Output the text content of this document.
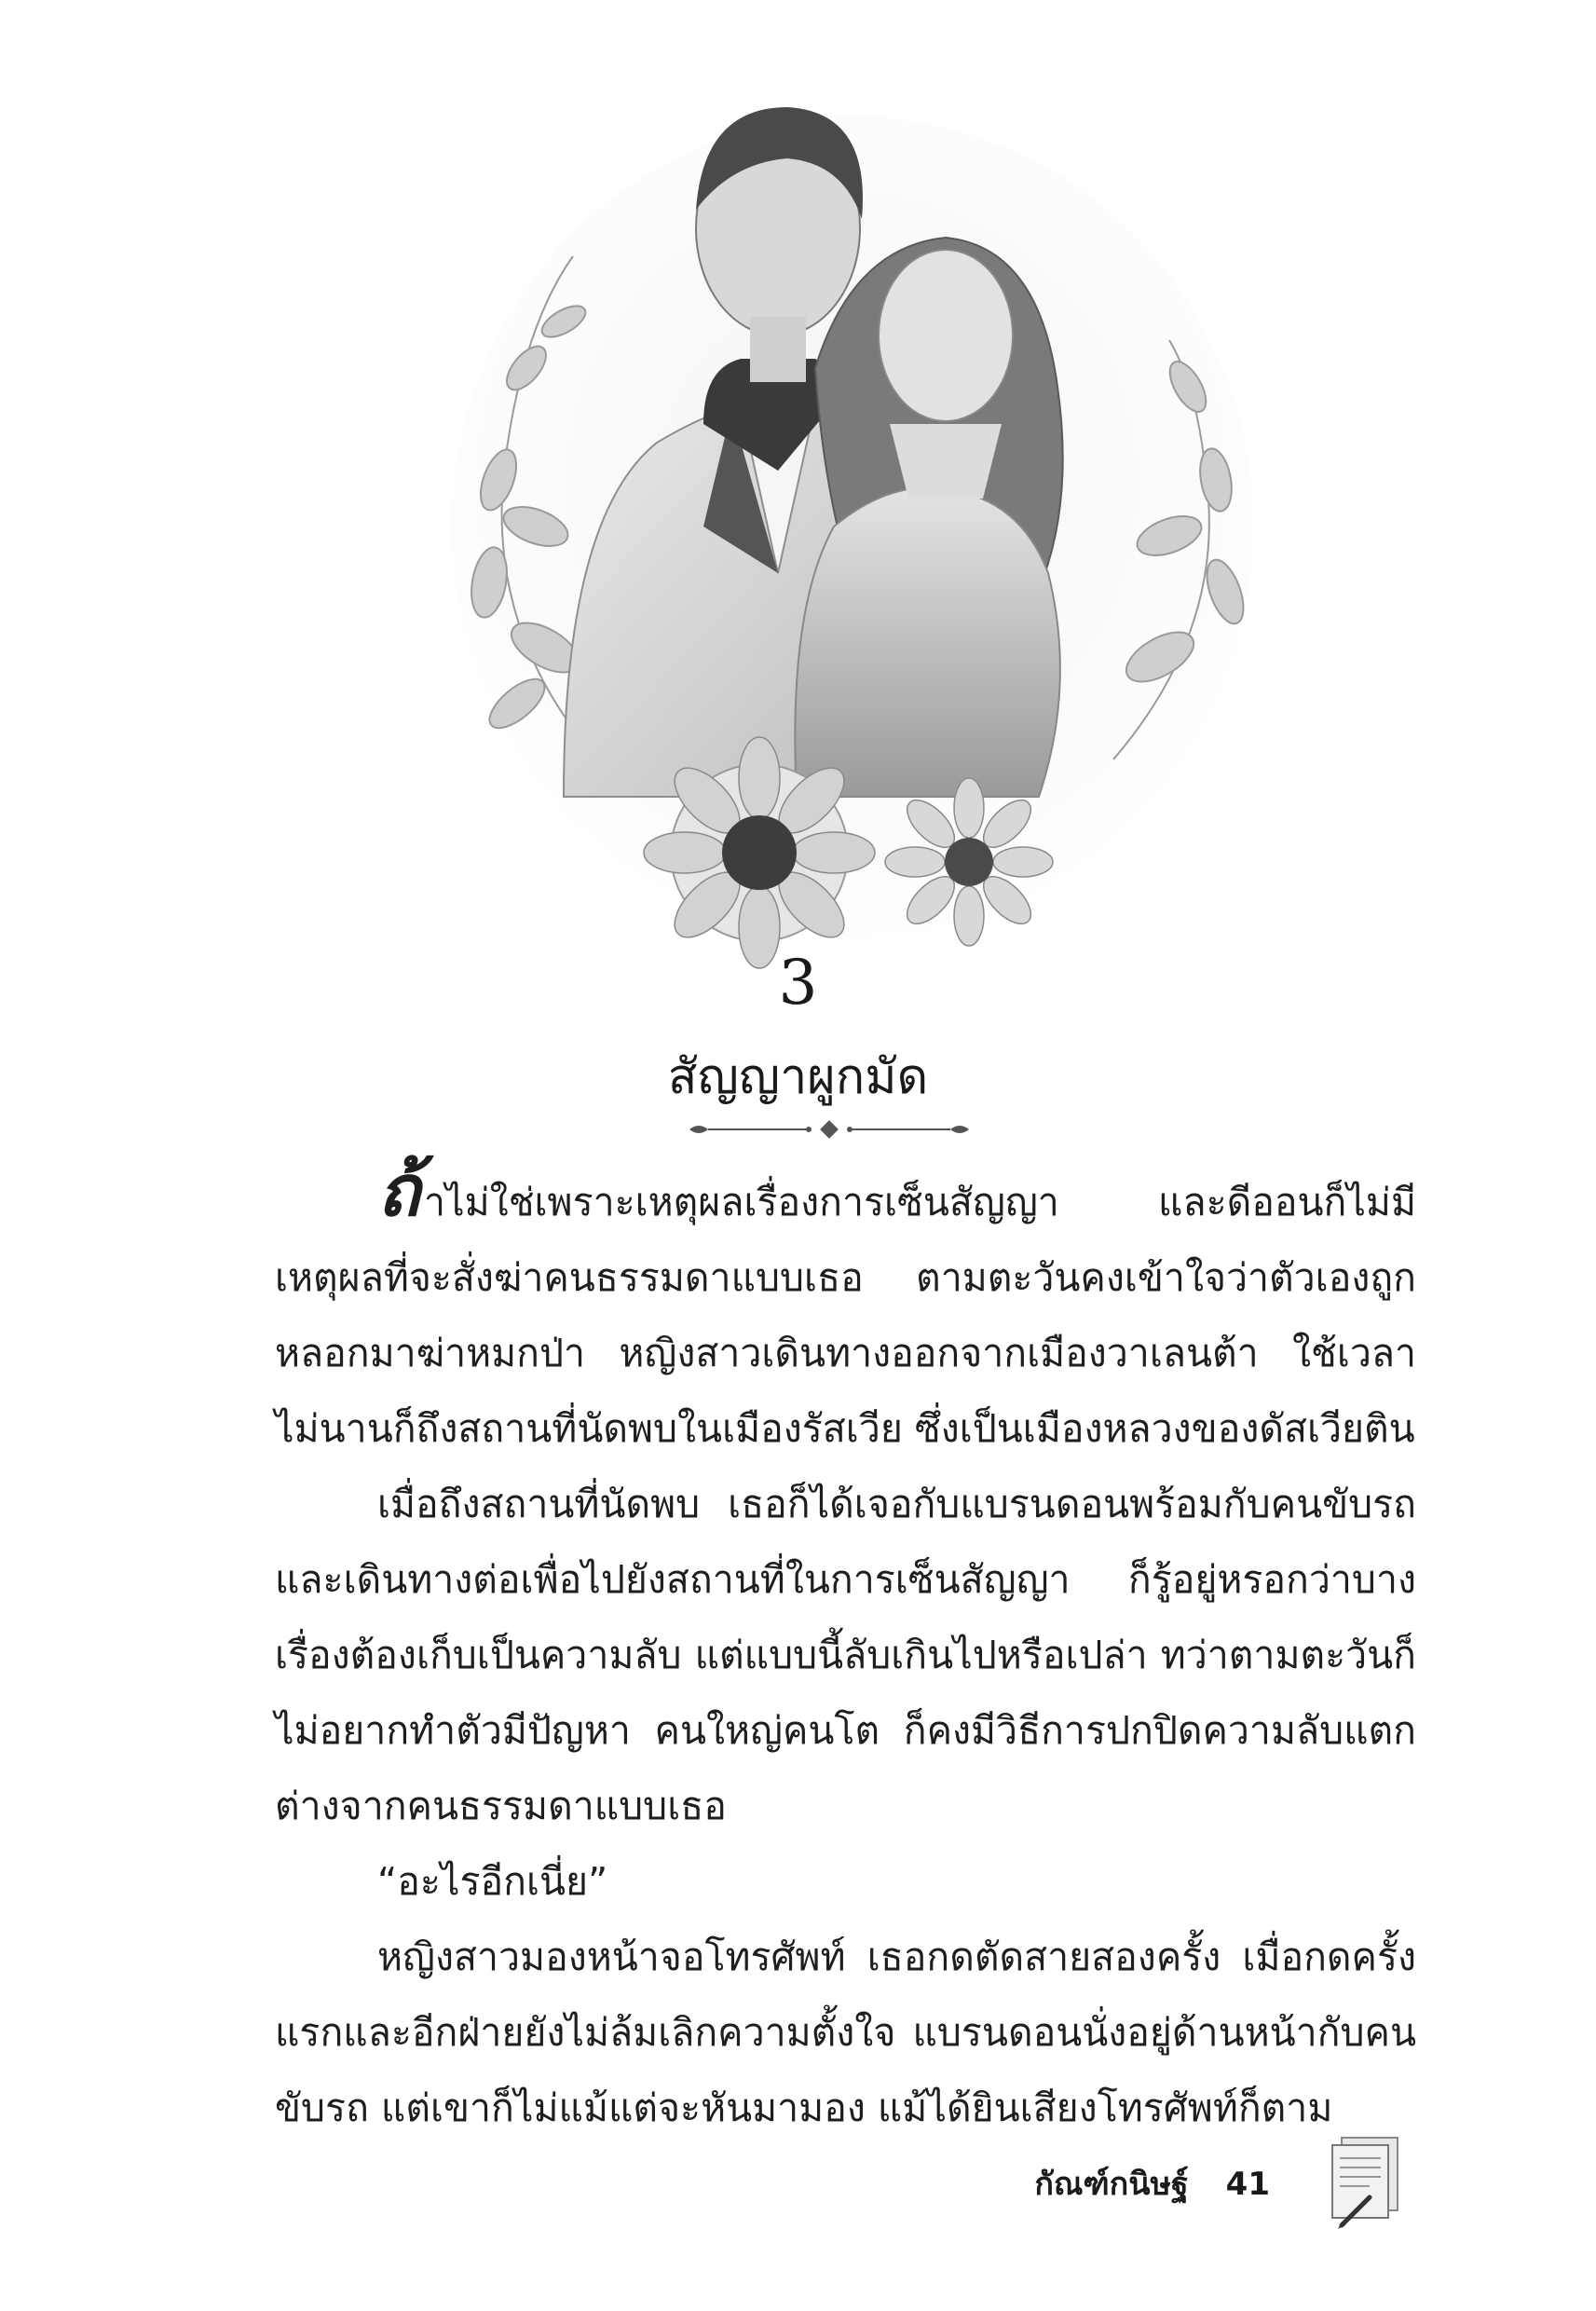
3
สัญญาผูกมัด

ถ้าไม่ใช่เพราะเหตุผลเรื่องการเซ็นสัญญา และดีออนก็ไม่มีเหตุผลที่จะสั่งฆ่าคนธรรมดาแบบเธอ ตามตะวันคงเข้าใจว่าตัวเองถูกหลอกมาฆ่าหมกป่า หญิงสาวเดินทางออกจากเมืองวาเลนต้า ใช้เวลาไม่นานก็ถึงสถานที่นัดพบในเมืองรัสเวีย ซึ่งเป็นเมืองหลวงของดัสเวียติน

เมื่อถึงสถานที่นัดพบ เธอก็ได้เจอกับแบรนดอนพร้อมกับคนขับรถและเดินทางต่อเพื่อไปยังสถานที่ในการเซ็นสัญญา ก็รู้อยู่หรอกว่าบางเรื่องต้องเก็บเป็นความลับ แต่แบบนี้ลับเกินไปหรือเปล่า ทว่าตามตะวันก็ไม่อยากทำตัวมีปัญหา คนใหญ่คนโต ก็คงมีวิธีการปกปิดความลับแตกต่างจากคนธรรมดาแบบเธอ

“อะไรอีกเนี่ย”

หญิงสาวมองหน้าจอโทรศัพท์ เธอกดตัดสายสองครั้ง เมื่อกดครั้งแรกและอีกฝ่ายยังไม่ล้มเลิกความตั้งใจ แบรนดอนนั่งอยู่ด้านหน้ากับคนขับรถ แต่เขาก็ไม่แม้แต่จะหันมามอง แม้ได้ยินเสียงโทรศัพท์ก็ตาม

กัณฑ์กนิษฐ์ 41
